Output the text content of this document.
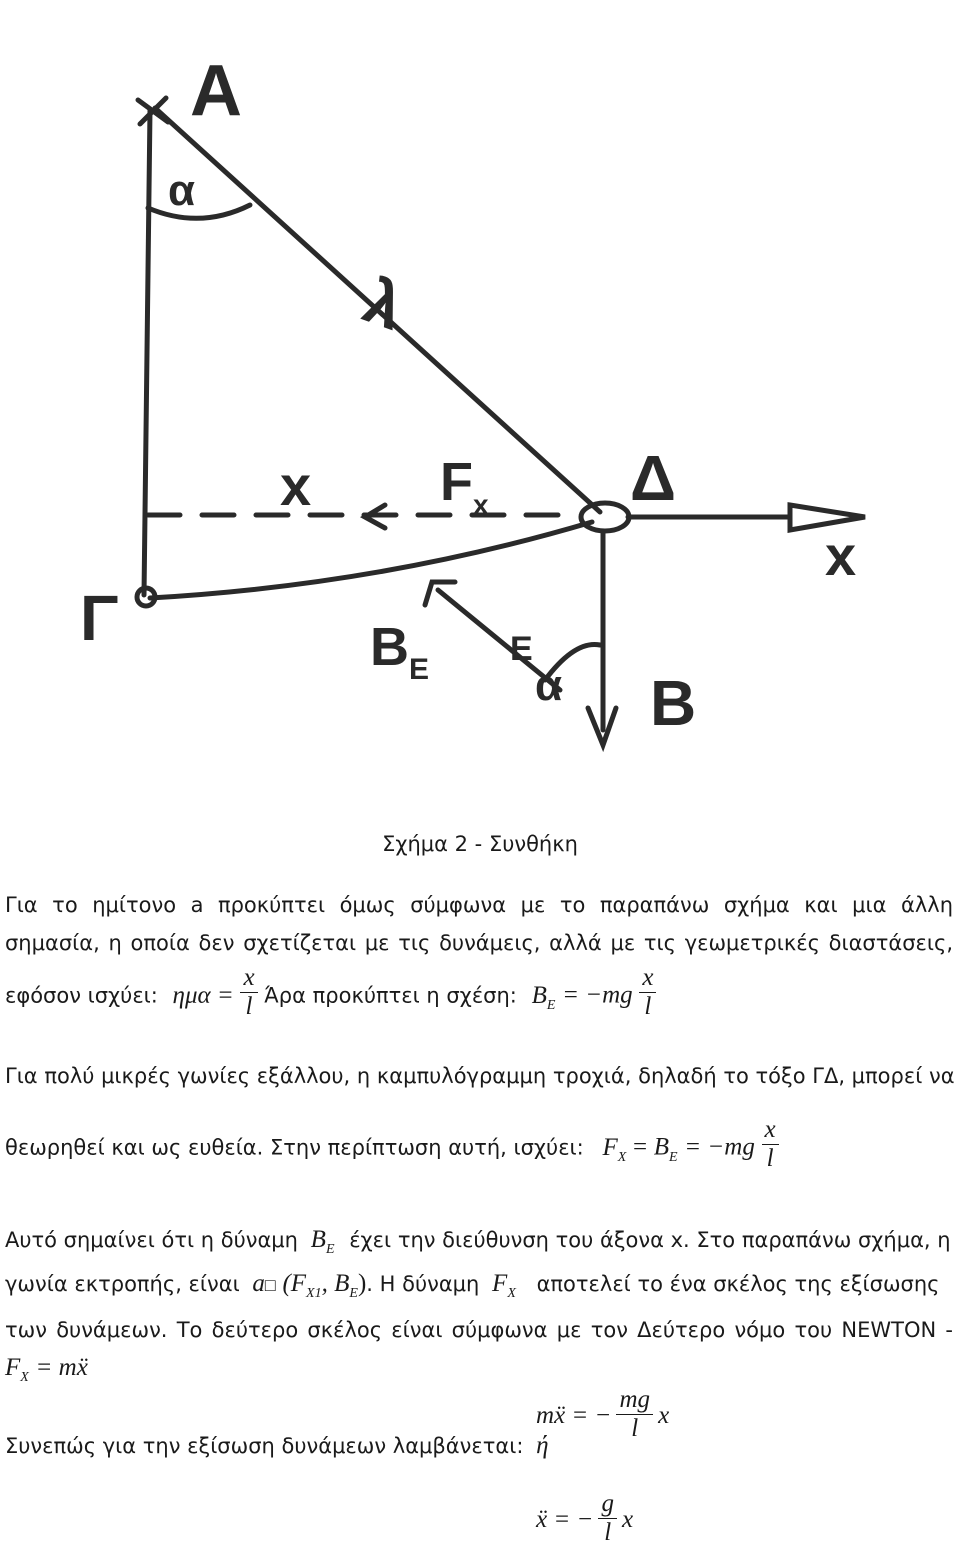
A
α
λ
x $F_x$ Δ
x
Γ	$B_E$
E
α B
Σχήμα 2 - Συνθήκη
Για το ημίτονο a προκύπτει όμως σύμφωνα με το παραπάνω σχήμα και μια άλλη
σημασία, η οποία δεν σχετίζεται με τις δυνάμεις, αλλά με τις γεωμετρικές διαστάσεις,
εφόσον ισχύει: $\eta\mu\alpha = \frac{x}{l}$ Άρα προκύπτει η σχέση: $B_E = -mg \frac{x}{l}$
Για πολύ μικρές γωνίες εξάλλου, η καμπυλόγραμμη τροχιά, δηλαδή το τόξο ΓΔ, μπορεί να
θεωρηθεί και ως ευθεία. Στην περίπτωση αυτή, ισχύει: $F_X = B_E = -mg \frac{x}{l}$
Αυτό σημαίνει ότι η δύναμη $B_E$ έχει την διεύθυνση του άξονα x. Στο παραπάνω σχήμα, η
γωνία εκτροπής, είναι a□ ($F_{X1}$, $B_E$). Η δύναμη $F_X$ αποτελεί το ένα σκέλος της εξίσωσης
των δυνάμεων. Το δεύτερο σκέλος είναι σύμφωνα με τον Δεύτερο νόμο του NEWTON -
$F_X$ = mẍ
mẍ = − $\frac{mg}{l}$ x
Συνεπώς για την εξίσωση δυνάμεων λαμβάνεται: ή
ẍ = − $\frac{g}{l}$ x
